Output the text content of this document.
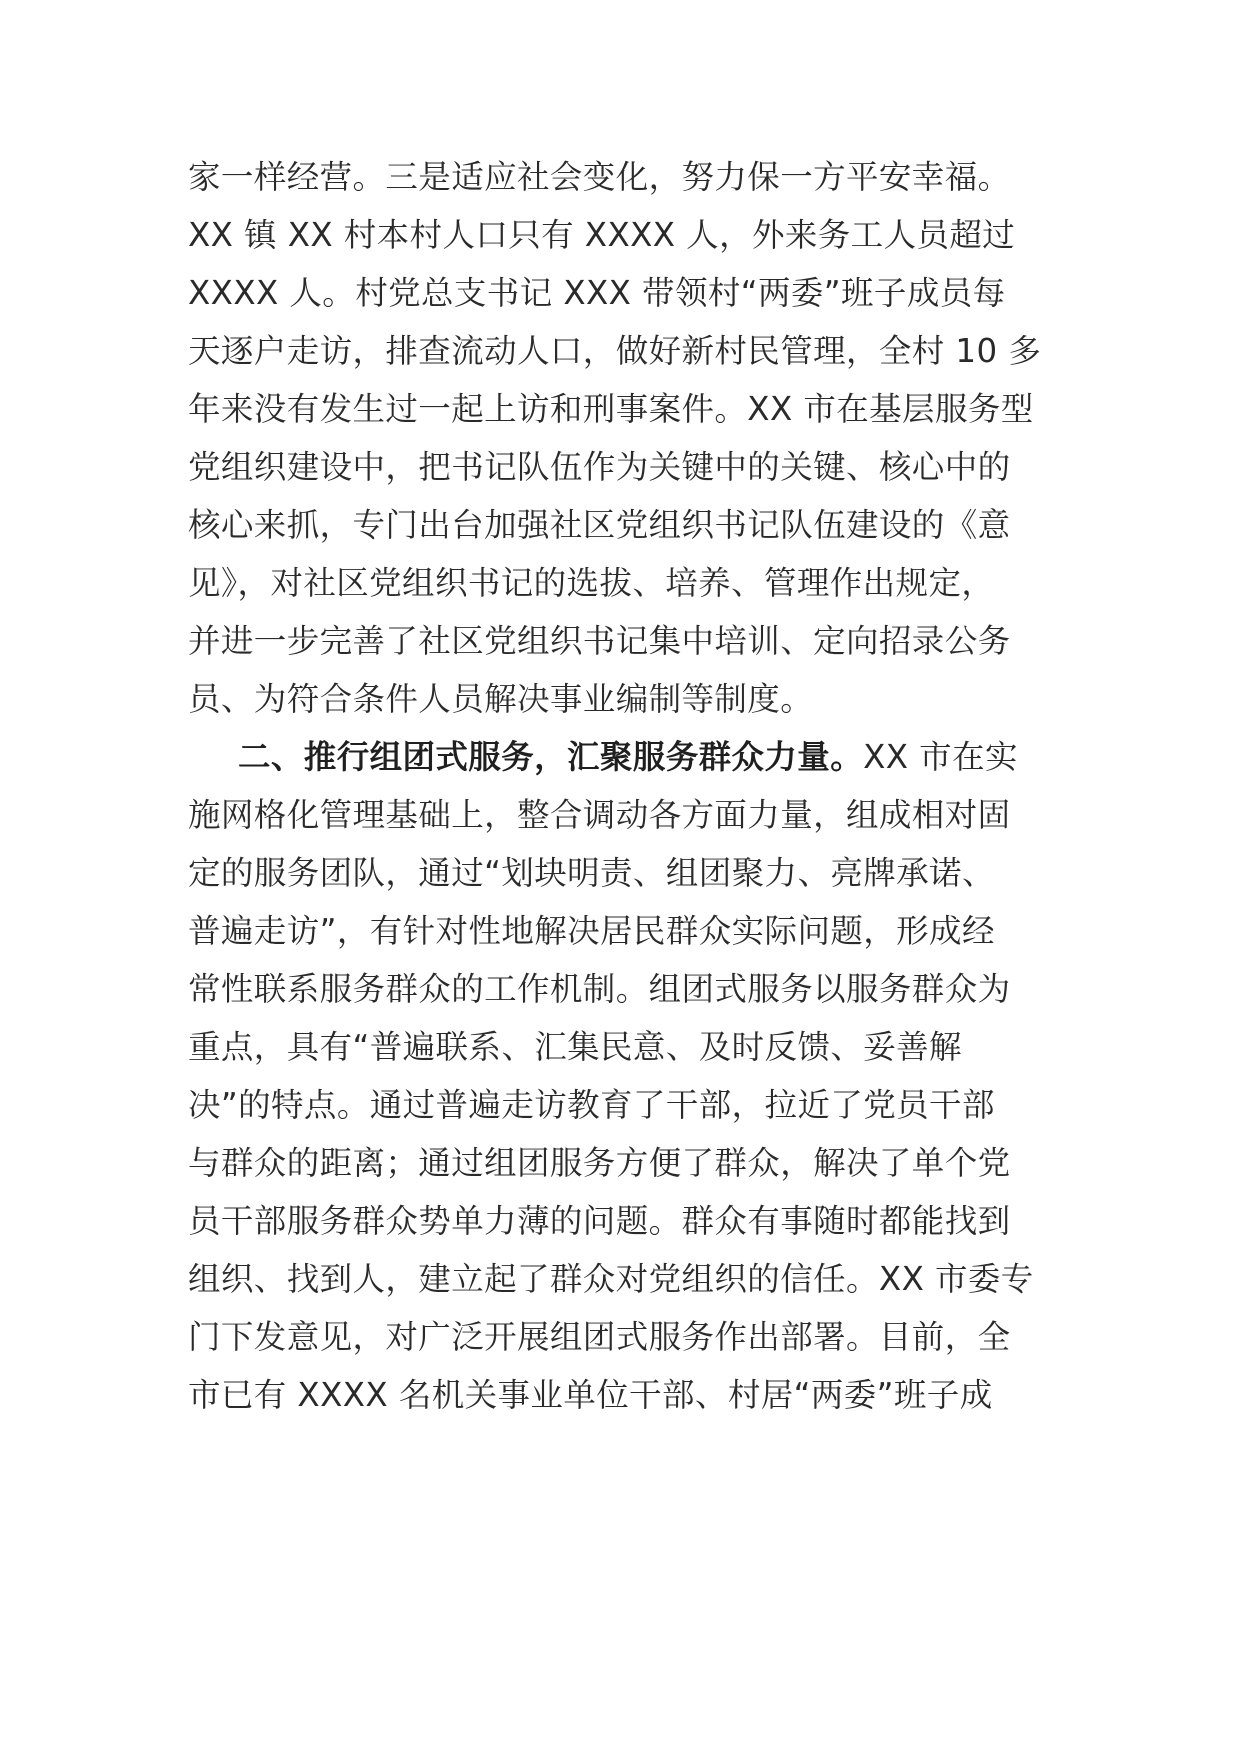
家一样经营。三是适应社会变化，努力保一方平安幸福。
XX 镇 XX 村本村人口只有 XXXX 人，外来务工人员超过
XXXX 人。村党总支书记 XXX 带领村“两委”班子成员每
天逐户走访，排查流动人口，做好新村民管理，全村 10 多
年来没有发生过一起上访和刑事案件。XX 市在基层服务型
党组织建设中，把书记队伍作为关键中的关键、核心中的
核心来抓，专门出台加强社区党组织书记队伍建设的《意
见》，对社区党组织书记的选拔、培养、管理作出规定，
并进一步完善了社区党组织书记集中培训、定向招录公务
员、为符合条件人员解决事业编制等制度。
二、推行组团式服务，汇聚服务群众力量。XX 市在实
施网格化管理基础上，整合调动各方面力量，组成相对固
定的服务团队，通过“划块明责、组团聚力、亮牌承诺、
普遍走访”，有针对性地解决居民群众实际问题，形成经
常性联系服务群众的工作机制。组团式服务以服务群众为
重点，具有“普遍联系、汇集民意、及时反馈、妥善解
决”的特点。通过普遍走访教育了干部，拉近了党员干部
与群众的距离；通过组团服务方便了群众，解决了单个党
员干部服务群众势单力薄的问题。群众有事随时都能找到
组织、找到人，建立起了群众对党组织的信任。XX 市委专
门下发意见，对广泛开展组团式服务作出部署。目前，全
市已有 XXXX 名机关事业单位干部、村居“两委”班子成
